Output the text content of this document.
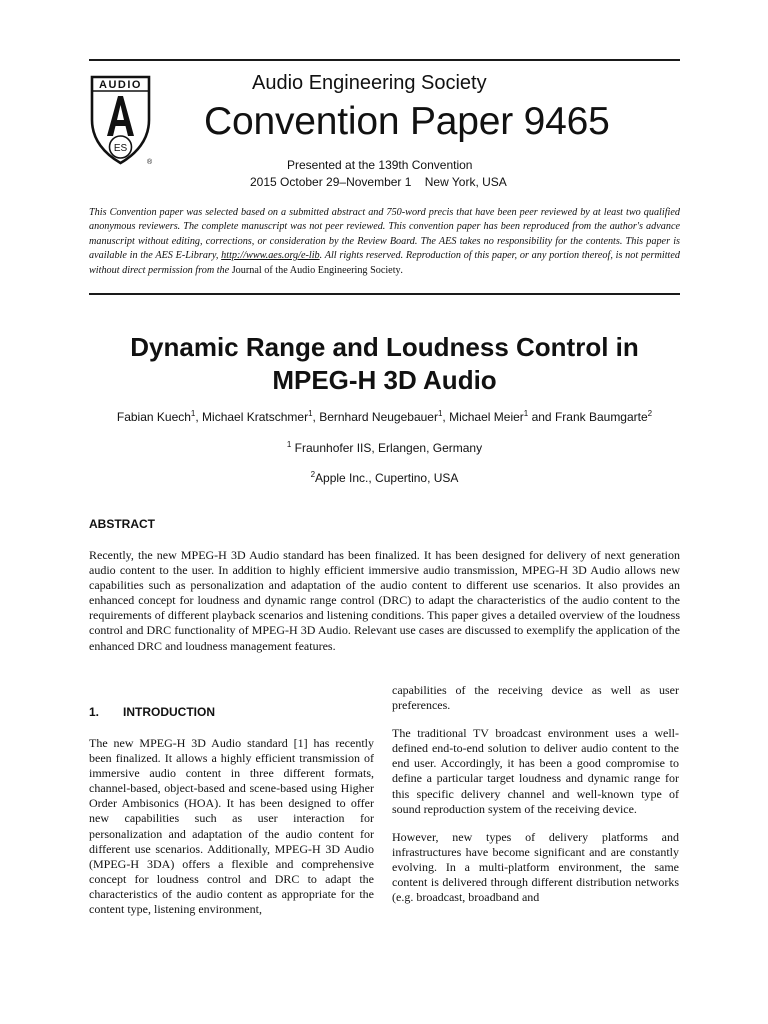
AUDIO
ES
®
Audio Engineering Society
Convention Paper 9465
Presented at the 139th Convention
2015 October 29–November 1    New York, USA
This Convention paper was selected based on a submitted abstract and 750-word precis that have been peer reviewed by at least two qualified anonymous reviewers. The complete manuscript was not peer reviewed. This convention paper has been reproduced from the author's advance manuscript without editing, corrections, or consideration by the Review Board. The AES takes no responsibility for the contents. This paper is available in the AES E-Library, http://www.aes.org/e-lib. All rights reserved. Reproduction of this paper, or any portion thereof, is not permitted without direct permission from the Journal of the Audio Engineering Society.
Dynamic Range and Loudness Control in MPEG-H 3D Audio
Fabian Kuech$^1$, Michael Kratschmer$^1$, Bernhard Neugebauer$^1$, Michael Meier$^1$ and Frank Baumgarte$^2$
$^1$ Fraunhofer IIS, Erlangen, Germany
$^2$Apple Inc., Cupertino, USA
ABSTRACT
Recently, the new MPEG-H 3D Audio standard has been finalized. It has been designed for delivery of next generation audio content to the user. In addition to highly efficient immersive audio transmission, MPEG-H 3D Audio allows new capabilities such as personalization and adaptation of the audio content to different use scenarios. It also provides an enhanced concept for loudness and dynamic range control (DRC) to adapt the characteristics of the audio content to the requirements of different playback scenarios and listening conditions. This paper gives a detailed overview of the loudness control and DRC functionality of MPEG-H 3D Audio. Relevant use cases are discussed to exemplify the application of the enhanced DRC and loudness management features.
1. INTRODUCTION

The new MPEG-H 3D Audio standard [1] has recently been finalized. It allows a highly efficient transmission of immersive audio content in three different formats, channel-based, object-based and scene-based using Higher Order Ambisonics (HOA). It has been designed to offer new capabilities such as user interaction for personalization and adaptation of the audio content for different use scenarios. Additionally, MPEG-H 3D Audio (MPEG-H 3DA) offers a flexible and comprehensive concept for loudness control and DRC to adapt the characteristics of the audio content as appropriate for the content type, listening environment,

capabilities of the receiving device as well as user preferences.

The traditional TV broadcast environment uses a well-defined end-to-end solution to deliver audio content to the end user. Accordingly, it has been a good compromise to define a particular target loudness and dynamic range for this specific delivery channel and well-known type of sound reproduction system of the receiving device.

However, new types of delivery platforms and infrastructures have become significant and are constantly evolving. In a multi-platform environment, the same content is delivered through different distribution networks (e.g. broadcast, broadband and
